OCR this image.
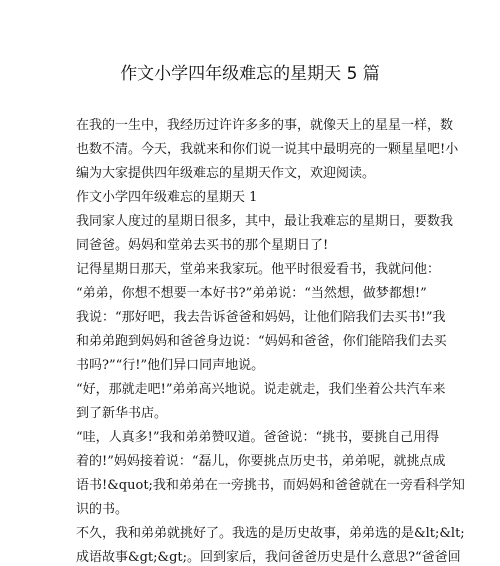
作文小学四年级难忘的星期天 5 篇
在我的一生中，我经历过许许多多的事，就像天上的星星一样，数
也数不清。今天，我就来和你们说一说其中最明亮的一颗星星吧!小
编为大家提供四年级难忘的星期天作文，欢迎阅读。
作文小学四年级难忘的星期天 1
我同家人度过的星期日很多，其中，最让我难忘的星期日，要数我
同爸爸。妈妈和堂弟去买书的那个星期日了!
记得星期日那天，堂弟来我家玩。他平时很爱看书，我就问他：
“弟弟，你想不想要一本好书?”弟弟说：“当然想，做梦都想!”
我说：“那好吧，我去告诉爸爸和妈妈，让他们陪我们去买书!”我
和弟弟跑到妈妈和爸爸身边说：“妈妈和爸爸，你们能陪我们去买
书吗?”“行!”他们异口同声地说。
“好，那就走吧!”弟弟高兴地说。说走就走，我们坐着公共汽车来
到了新华书店。
“哇，人真多!”我和弟弟赞叹道。爸爸说：“挑书，要挑自己用得
着的!”妈妈接着说：“磊儿，你要挑点历史书，弟弟呢，就挑点成
语书!&quot;我和弟弟在一旁挑书，而妈妈和爸爸就在一旁看科学知
识的书。
不久，我和弟弟就挑好了。我选的是历史故事，弟弟选的是&lt;&lt;
成语故事&gt;&gt;。回到家后，我问爸爸历史是什么意思?“爸爸回
